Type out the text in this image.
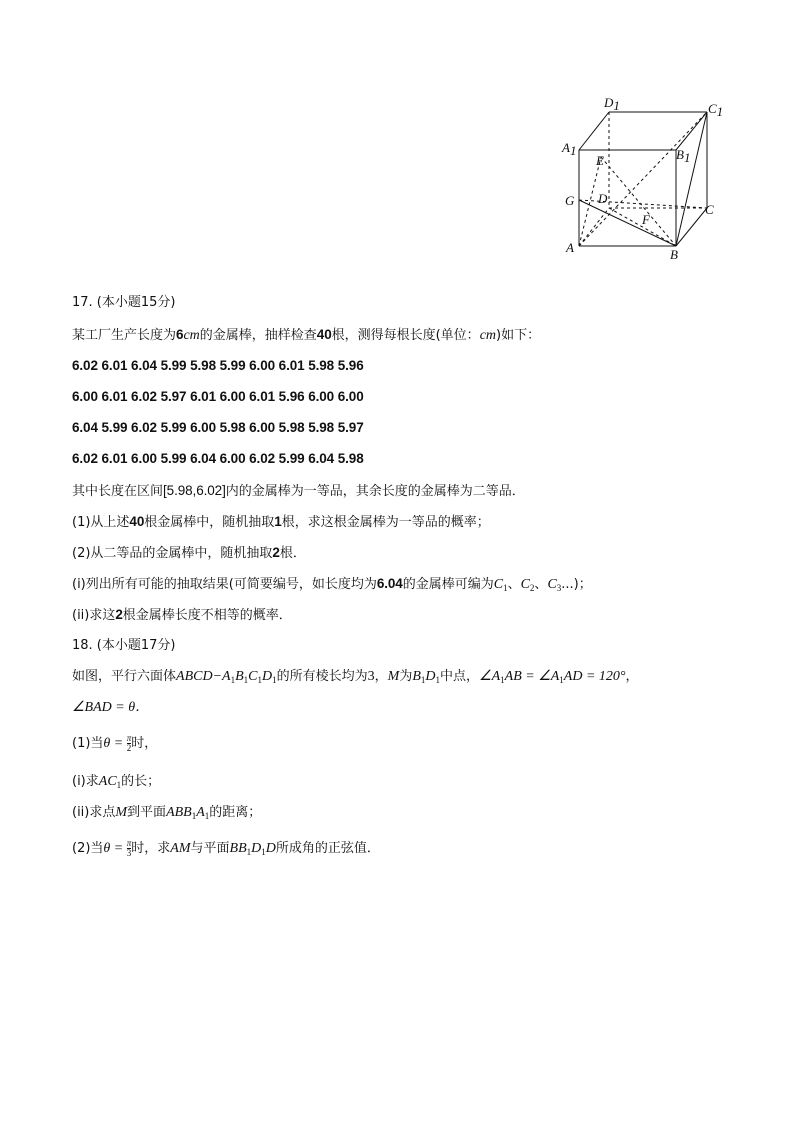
D1	C1
A1	B1
E
G D
C
F
A	B
17. (本小题15分)
某工厂生产长度为6cm的金属棒，抽样检查40根，测得每根长度(单位：cm)如下：
6.02 6.01 6.04 5.99 5.98 5.99 6.00 6.01 5.98 5.96
6.00 6.01 6.02 5.97 6.01 6.00 6.01 5.96 6.00 6.00
6.04 5.99 6.02 5.99 6.00 5.98 6.00 5.98 5.98 5.97
6.02 6.01 6.00 5.99 6.04 6.00 6.02 5.99 6.04 5.98
其中长度在区间[5.98,6.02]内的金属棒为一等品，其余长度的金属棒为二等品．
(1)从上述40根金属棒中，随机抽取1根，求这根金属棒为一等品的概率；
(2)从二等品的金属棒中，随机抽取2根．
(i)列出所有可能的抽取结果(可简要编号，如长度均为6.04的金属棒可编为$C_1$、$C_2$、$C_3$...)；
(ii)求这2根金属棒长度不相等的概率．
18. (本小题17分)
如图，平行六面体$ABCD-A_1B_1C_1D_1$的所有棱长均为3，M为$B_1D_1$中点，$\angle A_1AB$ = $\angle A_1AD = 120^\circ$，
∠BAD = θ．
(1)当$\theta = \frac{\pi}{2}$ 时，
(i)求$AC_1$的长；
(ii)求点M到平面$ABB_1A_1$的距离；
(2)当$\theta = \frac{\pi}{3}$ 时，求AM与平面$BB_1D_1D$所成角的正弦值．
